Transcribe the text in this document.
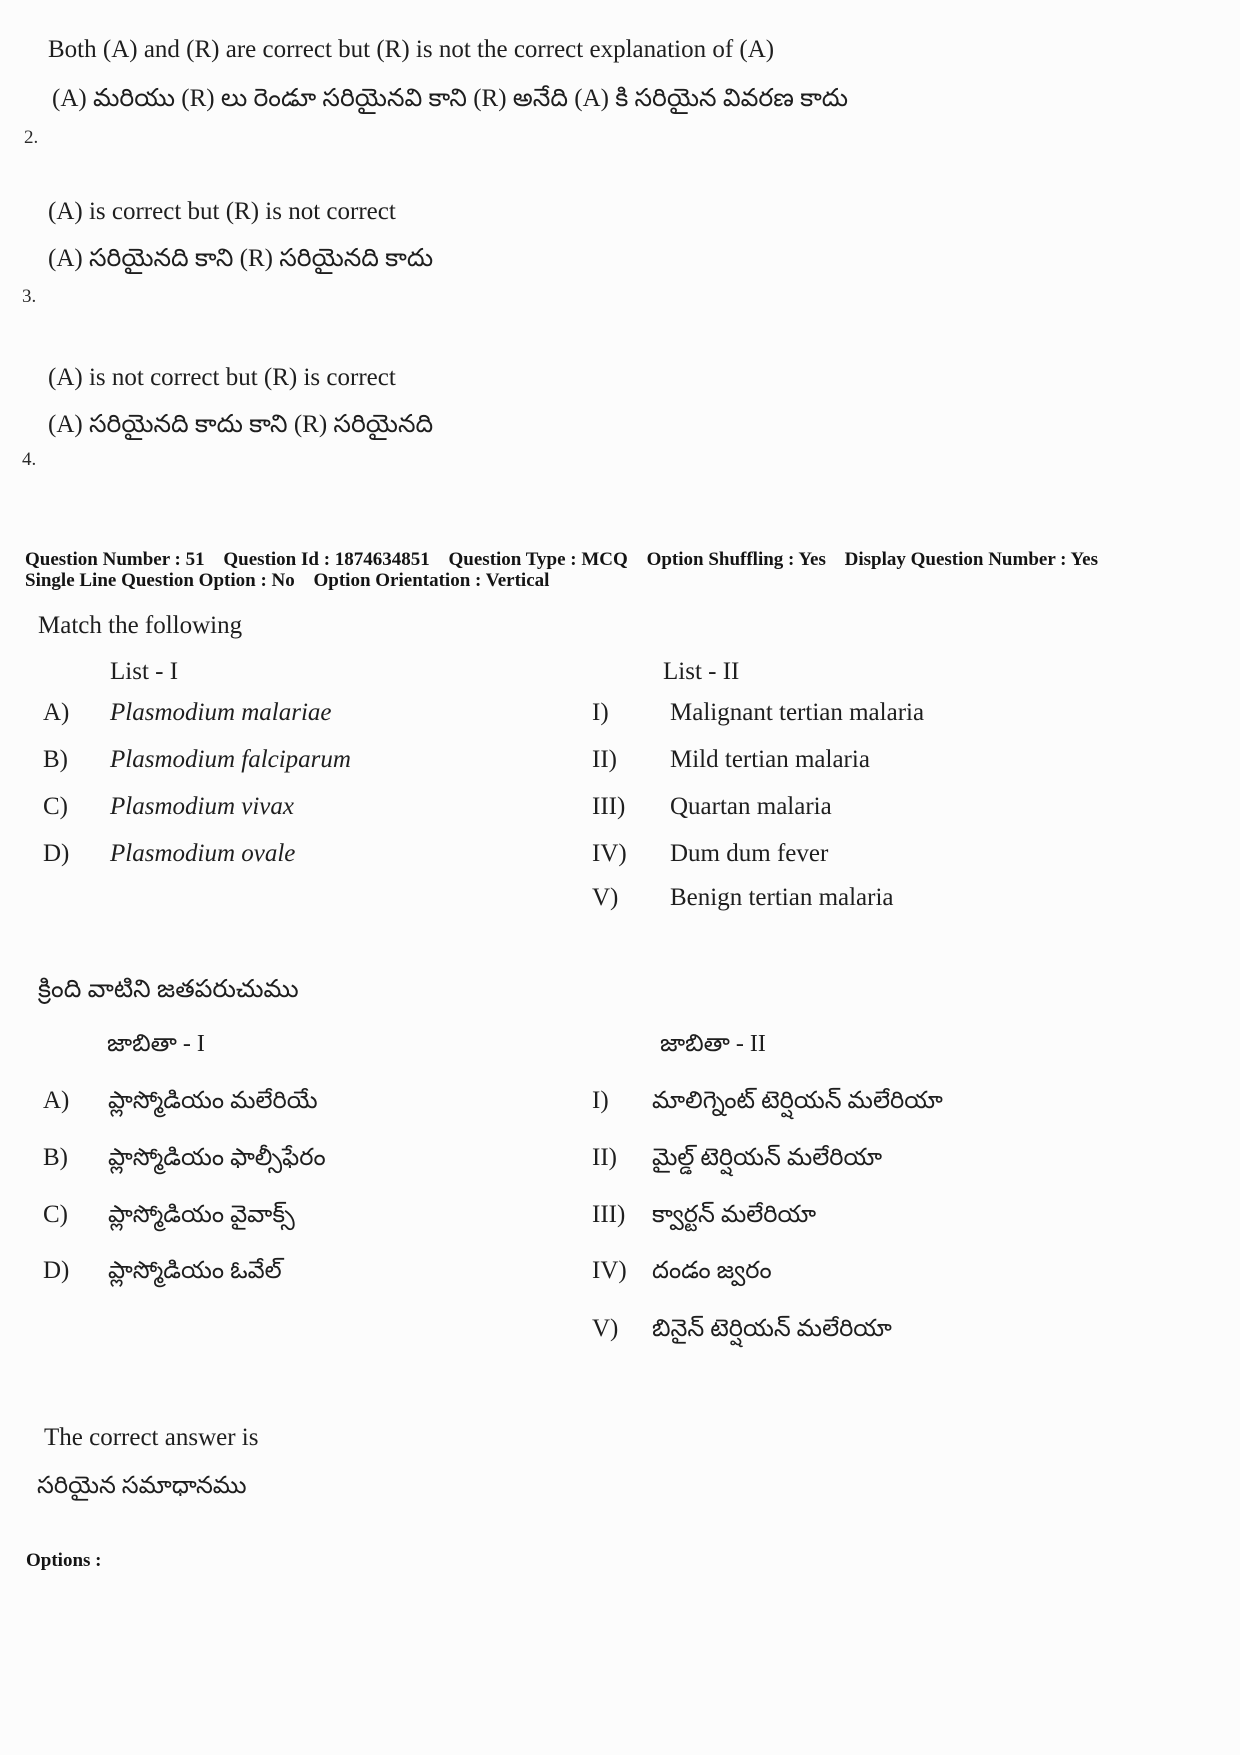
Both (A) and (R) are correct but (R) is not the correct explanation of (A)
(A) మరియు (R) లు రెండూ సరియైనవి కాని (R) అనేది (A) కి సరియైన వివరణ కాదు
2.
(A) is correct but (R) is not correct
(A) సరియైనది కాని (R) సరియైనది కాదు
3.
(A) is not correct but (R) is correct
(A) సరియైనది కాదు కాని (R) సరియైనది
4.
Question Number : 51 Question Id : 1874634851 Question Type : MCQ Option Shuffling : Yes Display Question Number : Yes
Single Line Question Option : No Option Orientation : Vertical
Match the following
List - I	List - II
A) Plasmodium malariae	I) Malignant tertian malaria
B) Plasmodium falciparum	II) Mild tertian malaria
C) Plasmodium vivax	III) Quartan malaria
D) Plasmodium ovale	IV) Dum dum fever
V) Benign tertian malaria
క్రింది వాటిని జతపరుచుము
జాబితా - I	జాబితా - II
A) ప్లాస్మోడియం మలేరియే	I) మాలిగ్నెంట్ టెర్షియన్ మలేరియా
B) ప్లాస్మోడియం ఫాల్సీఫేరం	II) మైల్డ్ టెర్షియన్ మలేరియా
C) ప్లాస్మోడియం వైవాక్స్	III) క్వార్టన్ మలేరియా
D) ప్లాస్మోడియం ఓవేల్	IV) దండం జ్వరం
V) బినైన్ టెర్షియన్ మలేరియా
The correct answer is
సరియైన సమాధానము
Options :
